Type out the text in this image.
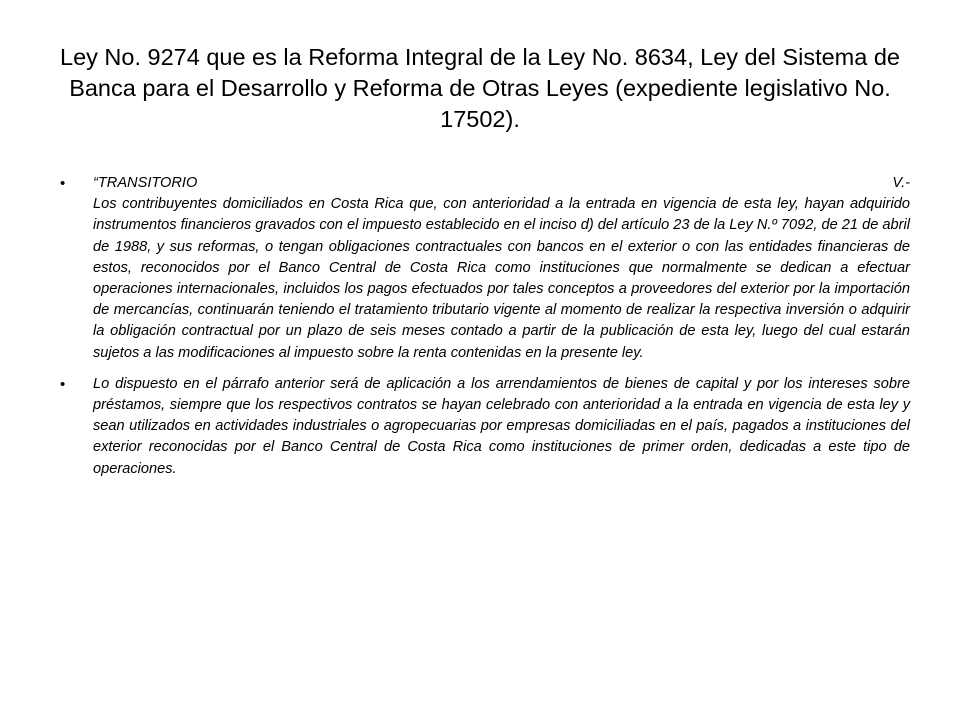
Ley No. 9274 que es la Reforma Integral de la Ley No. 8634, Ley del Sistema de Banca para el Desarrollo y Reforma de Otras Leyes (expediente legislativo No. 17502).
• “TRANSITORIO	V.-
Los contribuyentes domiciliados en Costa Rica que, con anterioridad a la entrada en vigencia de esta ley, hayan adquirido instrumentos financieros gravados con el impuesto establecido en el inciso d) del artículo 23 de la Ley N.º 7092, de 21 de abril de 1988, y sus reformas, o tengan obligaciones contractuales con bancos en el exterior o con las entidades financieras de estos, reconocidos por el Banco Central de Costa Rica como instituciones que normalmente se dedican a efectuar operaciones internacionales, incluidos los pagos efectuados por tales conceptos a proveedores del exterior por la importación de mercancías, continuarán teniendo el tratamiento tributario vigente al momento de realizar la respectiva inversión o adquirir la obligación contractual por un plazo de seis meses contado a partir de la publicación de esta ley, luego del cual estarán sujetos a las modificaciones al impuesto sobre la renta contenidas en la presente ley.
• Lo dispuesto en el párrafo anterior será de aplicación a los arrendamientos de bienes de capital y por los intereses sobre préstamos, siempre que los respectivos contratos se hayan celebrado con anterioridad a la entrada en vigencia de esta ley y sean utilizados en actividades industriales o agropecuarias por empresas domiciliadas en el país, pagados a instituciones del exterior reconocidas por el Banco Central de Costa Rica como instituciones de primer orden, dedicadas a este tipo de operaciones.
